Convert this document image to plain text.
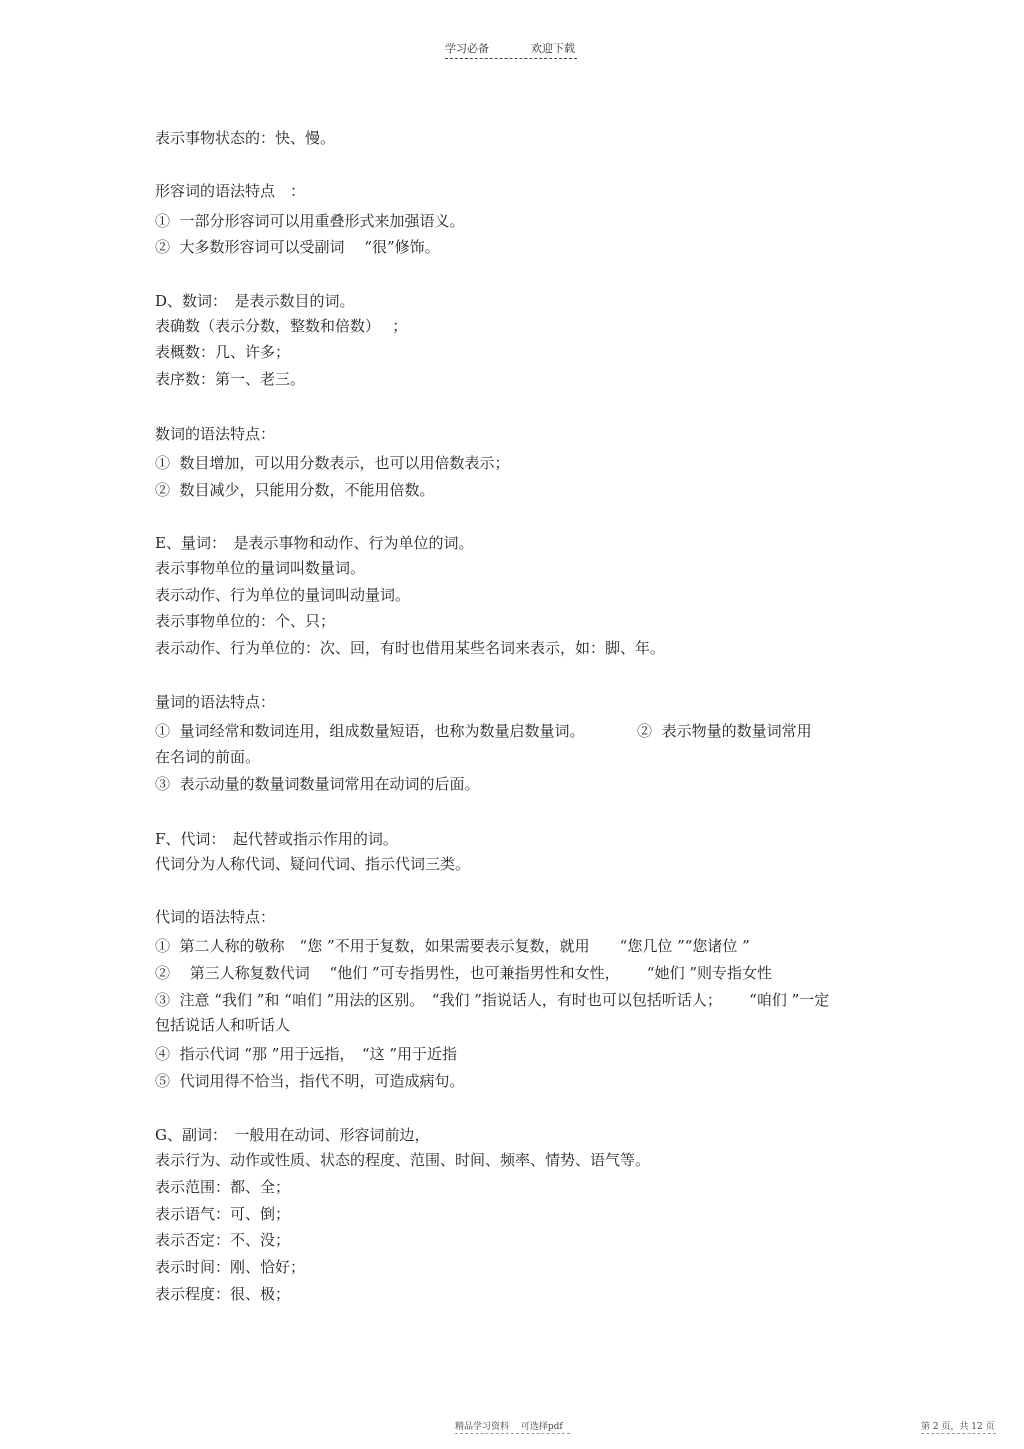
学习必备	欢迎下载
表示事物状态的：快、慢。
形容词的语法特点　：
①  一部分形容词可以用重叠形式来加强语义。
②  大多数形容词可以受副词　 “很”修饰。
D、数词：　是表示数目的词。
表确数（表示分数，整数和倍数）　 ；
表概数：几、许多；
表序数：第一、老三。
数词的语法特点：
①  数目增加，可以用分数表示，也可以用倍数表示；
②  数目减少，只能用分数，不能用倍数。
E、量词：　是表示事物和动作、行为单位的词。
表示事物单位的量词叫数量词。
表示动作、行为单位的量词叫动量词。
表示事物单位的：个、只；
表示动作、行为单位的：次、回，有时也借用某些名词来表示，如：脚、年。
量词的语法特点：
①  量词经常和数词连用，组成数量短语，也称为数量启数量词。　　　　②  表示物量的数量词常用
在名词的前面。
③  表示动量的数量词数量词常用在动词的后面。
F、代词：　起代替或指示作用的词。
代词分为人称代词、疑问代词、指示代词三类。
代词的语法特点：
①  第二人称的敬称　“您 ”不用于复数，如果需要表示复数，就用　　“您几位 ”“您诸位 ”
②　 第三人称复数代词　 “他们 ”可专指男性，也可兼指男性和女性，　　 “她们 ”则专指女性
③  注意 “我们 ”和 “咱们 ”用法的区别。　“我们 ”指说话人，有时也可以包括听话人；　　 “咱们 ”一定
包括说话人和听话人
④  指示代词 “那 ”用于远指，　“这 ”用于近指
⑤  代词用得不恰当，指代不明，可造成病句。
G、副词：　一般用在动词、形容词前边，
表示行为、动作或性质、状态的程度、范围、时间、频率、情势、语气等。
表示范围：都、全；
表示语气：可、倒；
表示否定：不、没；
表示时间：刚、恰好；
表示程度：很、极；
精品学习资料　 可选择pdf	第 2 页，共 12 页
